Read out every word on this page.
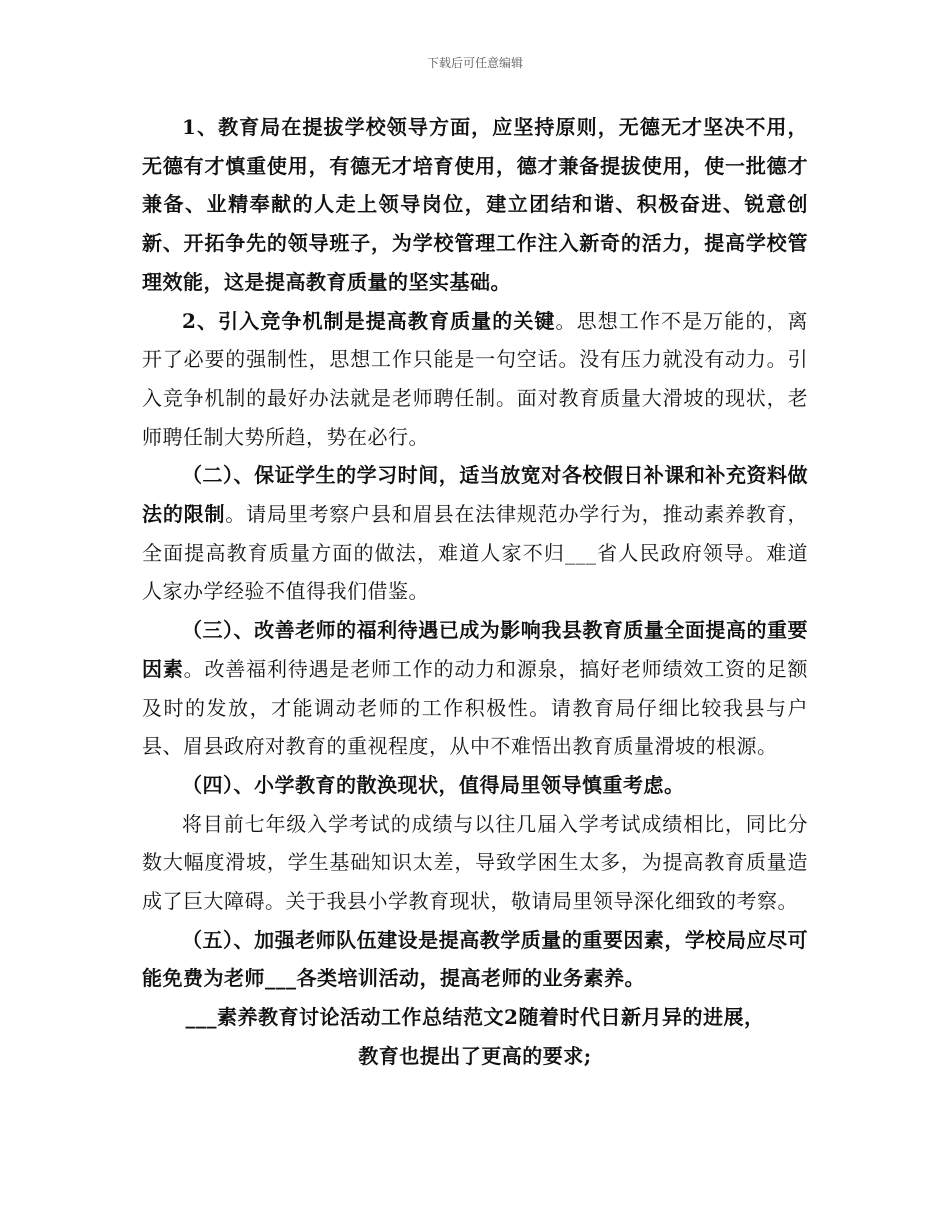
下载后可任意编辑

1、教育局在提拔学校领导方面，应坚持原则，无德无才坚决不用，无德有才慎重使用，有德无才培育使用，德才兼备提拔使用，使一批德才兼备、业精奉献的人走上领导岗位，建立团结和谐、积极奋进、锐意创新、开拓争先的领导班子，为学校管理工作注入新奇的活力，提高学校管理效能，这是提高教育质量的坚实基础。

2、引入竞争机制是提高教育质量的关键。思想工作不是万能的，离开了必要的强制性，思想工作只能是一句空话。没有压力就没有动力。引入竞争机制的最好办法就是老师聘任制。面对教育质量大滑坡的现状，老师聘任制大势所趋，势在必行。

（二）、保证学生的学习时间，适当放宽对各校假日补课和补充资料做法的限制。请局里考察户县和眉县在法律规范办学行为，推动素养教育，全面提高教育质量方面的做法，难道人家不归___省人民政府领导。难道人家办学经验不值得我们借鉴。

（三）、改善老师的福利待遇已成为影响我县教育质量全面提高的重要因素。改善福利待遇是老师工作的动力和源泉，搞好老师绩效工资的足额及时的发放，才能调动老师的工作积极性。请教育局仔细比较我县与户县、眉县政府对教育的重视程度，从中不难悟出教育质量滑坡的根源。

（四）、小学教育的散涣现状，值得局里领导慎重考虑。

将目前七年级入学考试的成绩与以往几届入学考试成绩相比，同比分数大幅度滑坡，学生基础知识太差，导致学困生太多，为提高教育质量造成了巨大障碍。关于我县小学教育现状，敬请局里领导深化细致的考察。

（五）、加强老师队伍建设是提高教学质量的重要因素，学校局应尽可能免费为老师___各类培训活动，提高老师的业务素养。

___素养教育讨论活动工作总结范文2随着时代日新月异的进展，

教育也提出了更高的要求;
